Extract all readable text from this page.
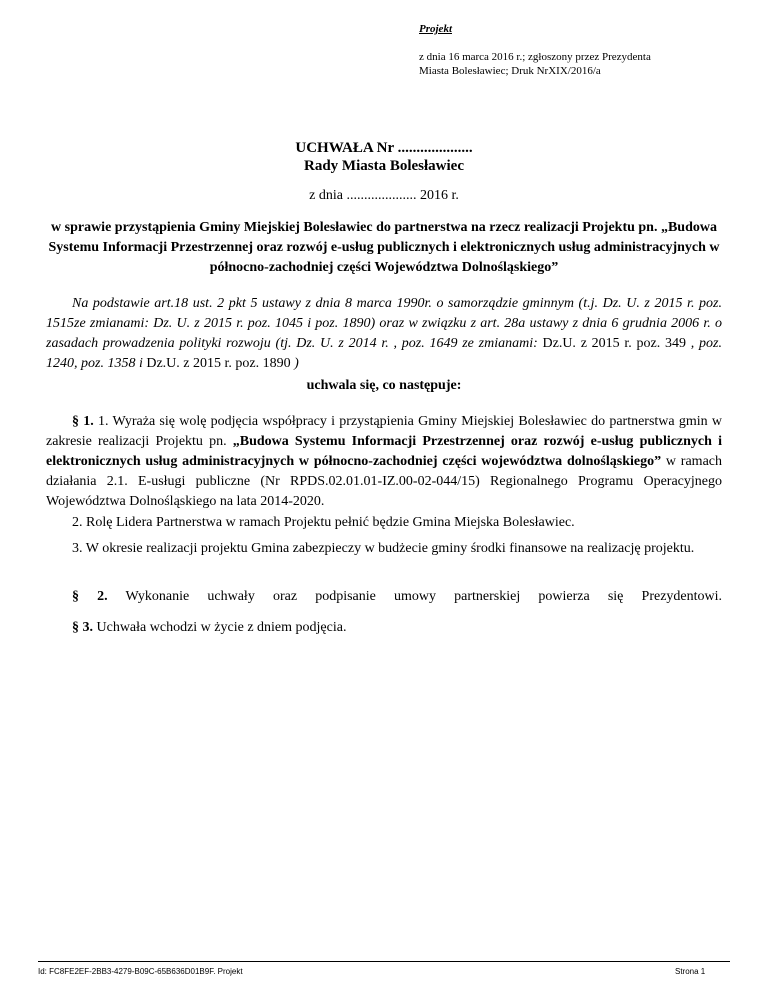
Projekt
z dnia 16 marca 2016 r.; zgłoszony przez Prezydenta
Miasta Bolesławiec; Druk NrXIX/2016/a
UCHWAŁA Nr ....................
Rady Miasta Bolesławiec
z dnia .................... 2016 r.
w sprawie przystąpienia Gminy Miejskiej Bolesławiec do partnerstwa na rzecz realizacji Projektu pn. „Budowa Systemu Informacji Przestrzennej oraz rozwój e-usług publicznych i elektronicznych usług administracyjnych w północno-zachodniej części Województwa Dolnośląskiego”
Na podstawie art.18 ust. 2 pkt 5 ustawy z dnia 8 marca 1990r. o samorządzie gminnym (t.j. Dz. U. z 2015 r. poz. 1515ze zmianami: Dz. U. z 2015 r. poz. 1045 i poz. 1890) oraz w związku z art. 28a ustawy z dnia 6 grudnia 2006 r. o zasadach prowadzenia polityki rozwoju (tj. Dz. U. z 2014 r. , poz. 1649 ze zmianami: Dz.U. z 2015 r. poz. 349 , poz. 1240, poz. 1358 i Dz.U. z 2015 r. poz. 1890 )
uchwala się, co następuje:
§ 1. 1. Wyraża się wolę podjęcia współpracy i przystąpienia Gminy Miejskiej Bolesławiec do partnerstwa gmin w zakresie realizacji Projektu pn. „Budowa Systemu Informacji Przestrzennej oraz rozwój e-usług publicznych i elektronicznych usług administracyjnych w północno-zachodniej części województwa dolnośląskiego” w ramach działania 2.1. E-usługi publiczne (Nr RPDS.02.01.01-IZ.00-02-044/15) Regionalnego Programu Operacyjnego Województwa Dolnośląskiego na lata 2014-2020.
2. Rolę Lidera Partnerstwa w ramach Projektu pełnić będzie Gmina Miejska Bolesławiec.
3. W okresie realizacji projektu Gmina zabezpieczy w budżecie gminy środki finansowe na realizację projektu.
§ 2. Wykonanie uchwały oraz podpisanie umowy partnerskiej powierza się Prezydentowi.
§ 3. Uchwała wchodzi w życie z dniem podjęcia.
Id: FC8FE2EF-2BB3-4279-B09C-65B636D01B9F. Projekt	Strona 1
